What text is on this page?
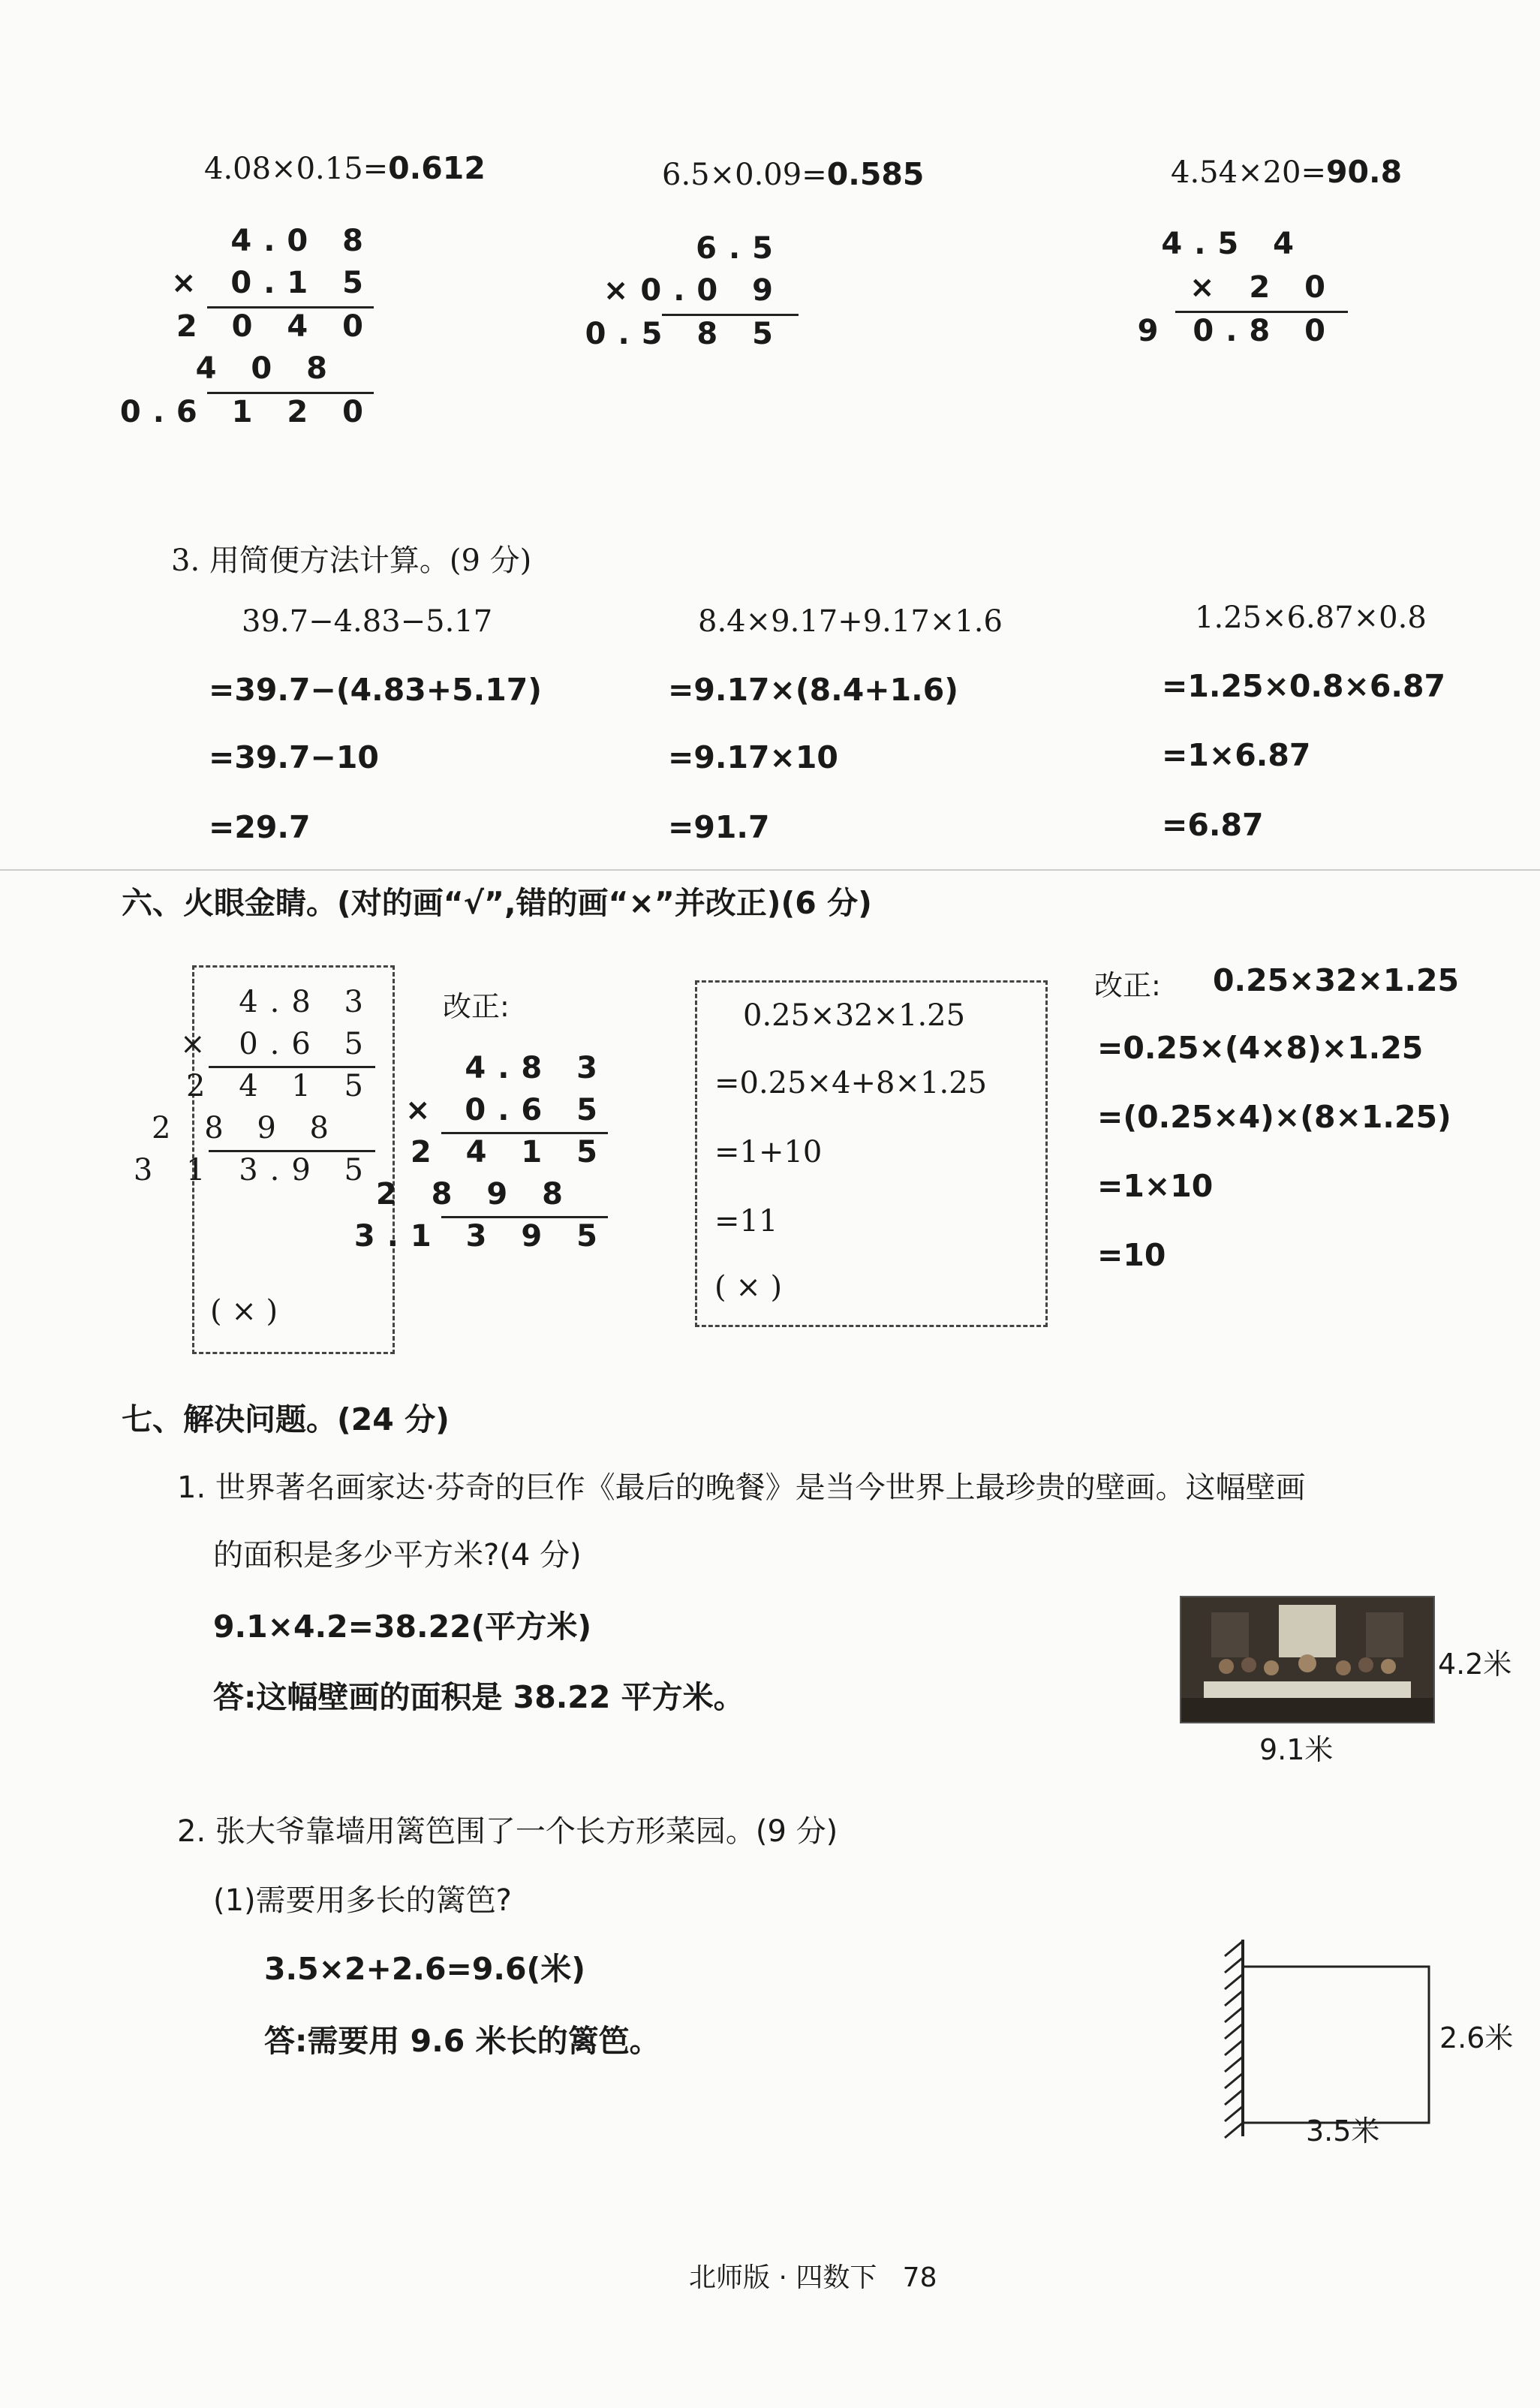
4.08×0.15=0.612	6.5×0.09=0.585	4.54×20=90.8
4.0 8
× 0.1 5
2 0 4 0
4 0 8
0.6 1 2 0
6.5
×0.0 9
0.5 8 5
4.5 4
× 2 0
9 0.8 0
3. 用简便方法计算。(9 分)
39.7−4.83−5.17
=39.7−(4.83+5.17)
=39.7−10
=29.7
8.4×9.17+9.17×1.6
=9.17×(8.4+1.6)
=9.17×10
=91.7
1.25×6.87×0.8
=1.25×0.8×6.87
=1×6.87
=6.87
六、火眼金睛。(对的画“√”,错的画“×”并改正)(6 分)
4.8 3
× 0.6 5
2 4 1 5
2 8 9 8
3 1 3.9 5
( × )
改正:
4.8 3
× 0.6 5
2 4 1 5
2 8 9 8
3.1 3 9 5
0.25×32×1.25
=0.25×4+8×1.25
=1+10
=11
( × )
改正: 0.25×32×1.25
=0.25×(4×8)×1.25
=(0.25×4)×(8×1.25)
=1×10
=10
七、解决问题。(24 分)
1. 世界著名画家达·芬奇的巨作《最后的晚餐》是当今世界上最珍贵的壁画。这幅壁画
的面积是多少平方米?(4 分)
9.1×4.2=38.22(平方米)
答:这幅壁画的面积是 38.22 平方米。
4.2米
9.1米
2. 张大爷靠墙用篱笆围了一个长方形菜园。(9 分)
(1)需要用多长的篱笆?
3.5×2+2.6=9.6(米)
答:需要用 9.6 米长的篱笆。	2.6米
3.5米
北师版 · 四数下   78
